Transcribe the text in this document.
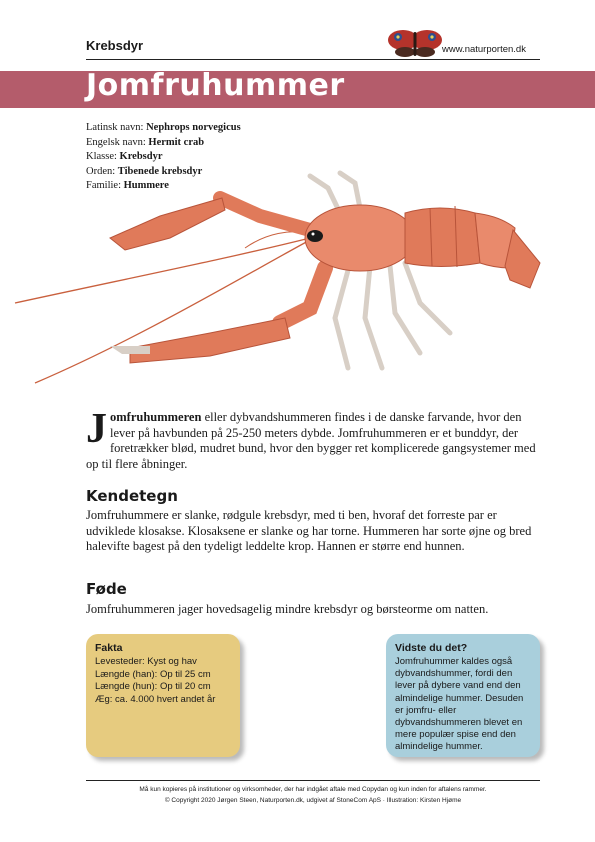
Krebsdyr	www.naturporten.dk
Jomfruhummer
Latinsk navn: Nephrops norvegicus
Engelsk navn: Hermit crab
Klasse: Krebsdyr
Orden: Tibenede krebsdyr
Familie: Hummere
Jomfruhummeren eller dybvandshummeren findes i de danske farvande, hvor den lever på havbunden på 25-250 meters dybde. Jomfruhummeren er et bunddyr, der foretrækker blød, mudret bund, hvor den bygger ret komplicerede gangsystemer med op til flere åbninger.
Kendetegn
Jomfruhummere er slanke, rødgule krebsdyr, med ti ben, hvoraf det forreste par er udviklede klosakse. Klosaksene er slanke og har torne. Hummeren har sorte øjne og bred halevifte bagest på den tydeligt leddelte krop. Hannen er større end hunnen.
Føde
Jomfruhummeren jager hovedsagelig mindre krebsdyr og børsteorme om natten.
Fakta
Levesteder: Kyst og hav
Længde (han): Op til 25 cm
Længde (hun): Op til 20 cm
Æg: ca. 4.000 hvert andet år
Vidste du det?
Jomfruhummer kaldes også dybvandshummer, fordi den lever på dybere vand end den almindelige hummer. Desuden er jomfru- eller dybvandshummeren blevet en mere populær spise end den almindelige hummer.
Må kun kopieres på institutioner og virksomheder, der har indgået aftale med Copydan og kun inden for aftalens rammer.
© Copyright 2020 Jørgen Steen, Naturporten.dk, udgivet af StoneCom ApS · Illustration: Kirsten Hjøme
